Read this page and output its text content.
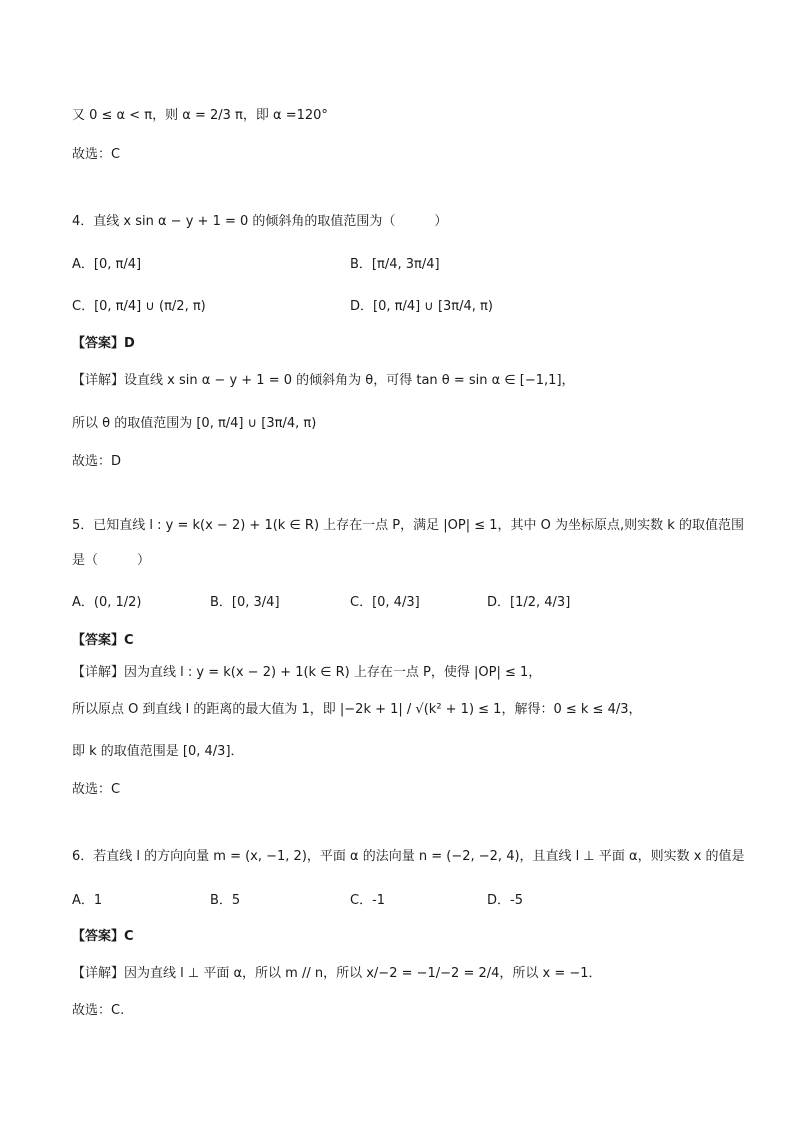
又 0 ≤ α < π，则 α = 2/3 π，即 α =120°
故选：C
4．直线 x sin α − y + 1 = 0 的倾斜角的取值范围为（　　　）
A．[0, π/4]	B．[π/4, 3π/4]
C．[0, π/4] ∪ (π/2, π)	D．[0, π/4] ∪ [3π/4, π)
【答案】D
【详解】设直线 x sin α − y + 1 = 0 的倾斜角为 θ，可得 tan θ = sin α ∈ [−1,1]，
所以 θ 的取值范围为 [0, π/4] ∪ [3π/4, π)
故选：D
5．已知直线 l : y = k(x − 2) + 1(k ∈ R) 上存在一点 P，满足 |OP| ≤ 1，其中 O 为坐标原点,则实数 k 的取值范围
是（　　　）
A．(0, 1/2)	B．[0, 3/4]	C．[0, 4/3]	D．[1/2, 4/3]
【答案】C
【详解】因为直线 l : y = k(x − 2) + 1(k ∈ R) 上存在一点 P，使得 |OP| ≤ 1，
所以原点 O 到直线 l 的距离的最大值为 1，即 |−2k + 1| / √(k² + 1) ≤ 1，解得：0 ≤ k ≤ 4/3，
即 k 的取值范围是 [0, 4/3]．
故选：C
6．若直线 l 的方向向量 m = (x, −1, 2)，平面 α 的法向量 n = (−2, −2, 4)，且直线 l ⊥ 平面 α，则实数 x 的值是
A．1	B．5	C．-1	D．-5
【答案】C
【详解】因为直线 l ⊥ 平面 α，所以 m // n，所以 x/−2 = −1/−2 = 2/4，所以 x = −1．
故选：C.
